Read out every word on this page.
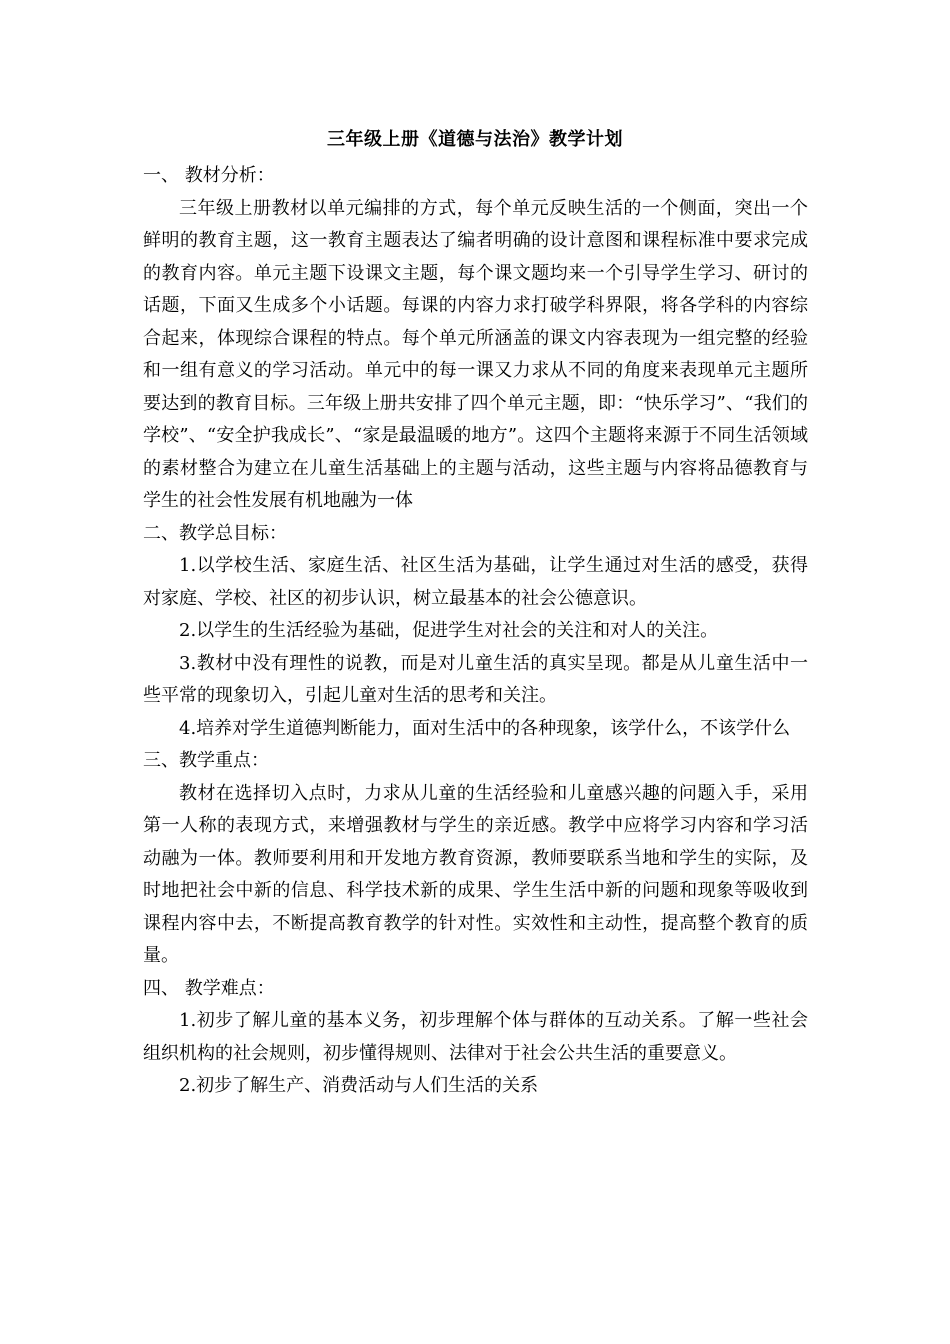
三年级上册《道德与法治》教学计划

一、 教材分析：

三年级上册教材以单元编排的方式，每个单元反映生活的一个侧面，突出一个鲜明的教育主题，这一教育主题表达了编者明确的设计意图和课程标准中要求完成的教育内容。单元主题下设课文主题，每个课文题均来一个引导学生学习、研讨的话题，下面又生成多个小话题。每课的内容力求打破学科界限，将各学科的内容综合起来，体现综合课程的特点。每个单元所涵盖的课文内容表现为一组完整的经验和一组有意义的学习活动。单元中的每一课又力求从不同的角度来表现单元主题所要达到的教育目标。三年级上册共安排了四个单元主题，即：“快乐学习”、“我们的学校”、“安全护我成长”、“家是最温暖的地方”。这四个主题将来源于不同生活领域的素材整合为建立在儿童生活基础上的主题与活动，这些主题与内容将品德教育与学生的社会性发展有机地融为一体

二、教学总目标：

1.以学校生活、家庭生活、社区生活为基础，让学生通过对生活的感受，获得对家庭、学校、社区的初步认识，树立最基本的社会公德意识。

2.以学生的生活经验为基础，促进学生对社会的关注和对人的关注。

3.教材中没有理性的说教，而是对儿童生活的真实呈现。都是从儿童生活中一些平常的现象切入，引起儿童对生活的思考和关注。

4.培养对学生道德判断能力，面对生活中的各种现象，该学什么，不该学什么

三、教学重点：

教材在选择切入点时，力求从儿童的生活经验和儿童感兴趣的问题入手，采用第一人称的表现方式，来增强教材与学生的亲近感。教学中应将学习内容和学习活动融为一体。教师要利用和开发地方教育资源，教师要联系当地和学生的实际，及时地把社会中新的信息、科学技术新的成果、学生生活中新的问题和现象等吸收到课程内容中去，不断提高教育教学的针对性。实效性和主动性，提高整个教育的质量。

四、 教学难点：

1.初步了解儿童的基本义务，初步理解个体与群体的互动关系。了解一些社会组织机构的社会规则，初步懂得规则、法律对于社会公共生活的重要意义。

2.初步了解生产、消费活动与人们生活的关系
